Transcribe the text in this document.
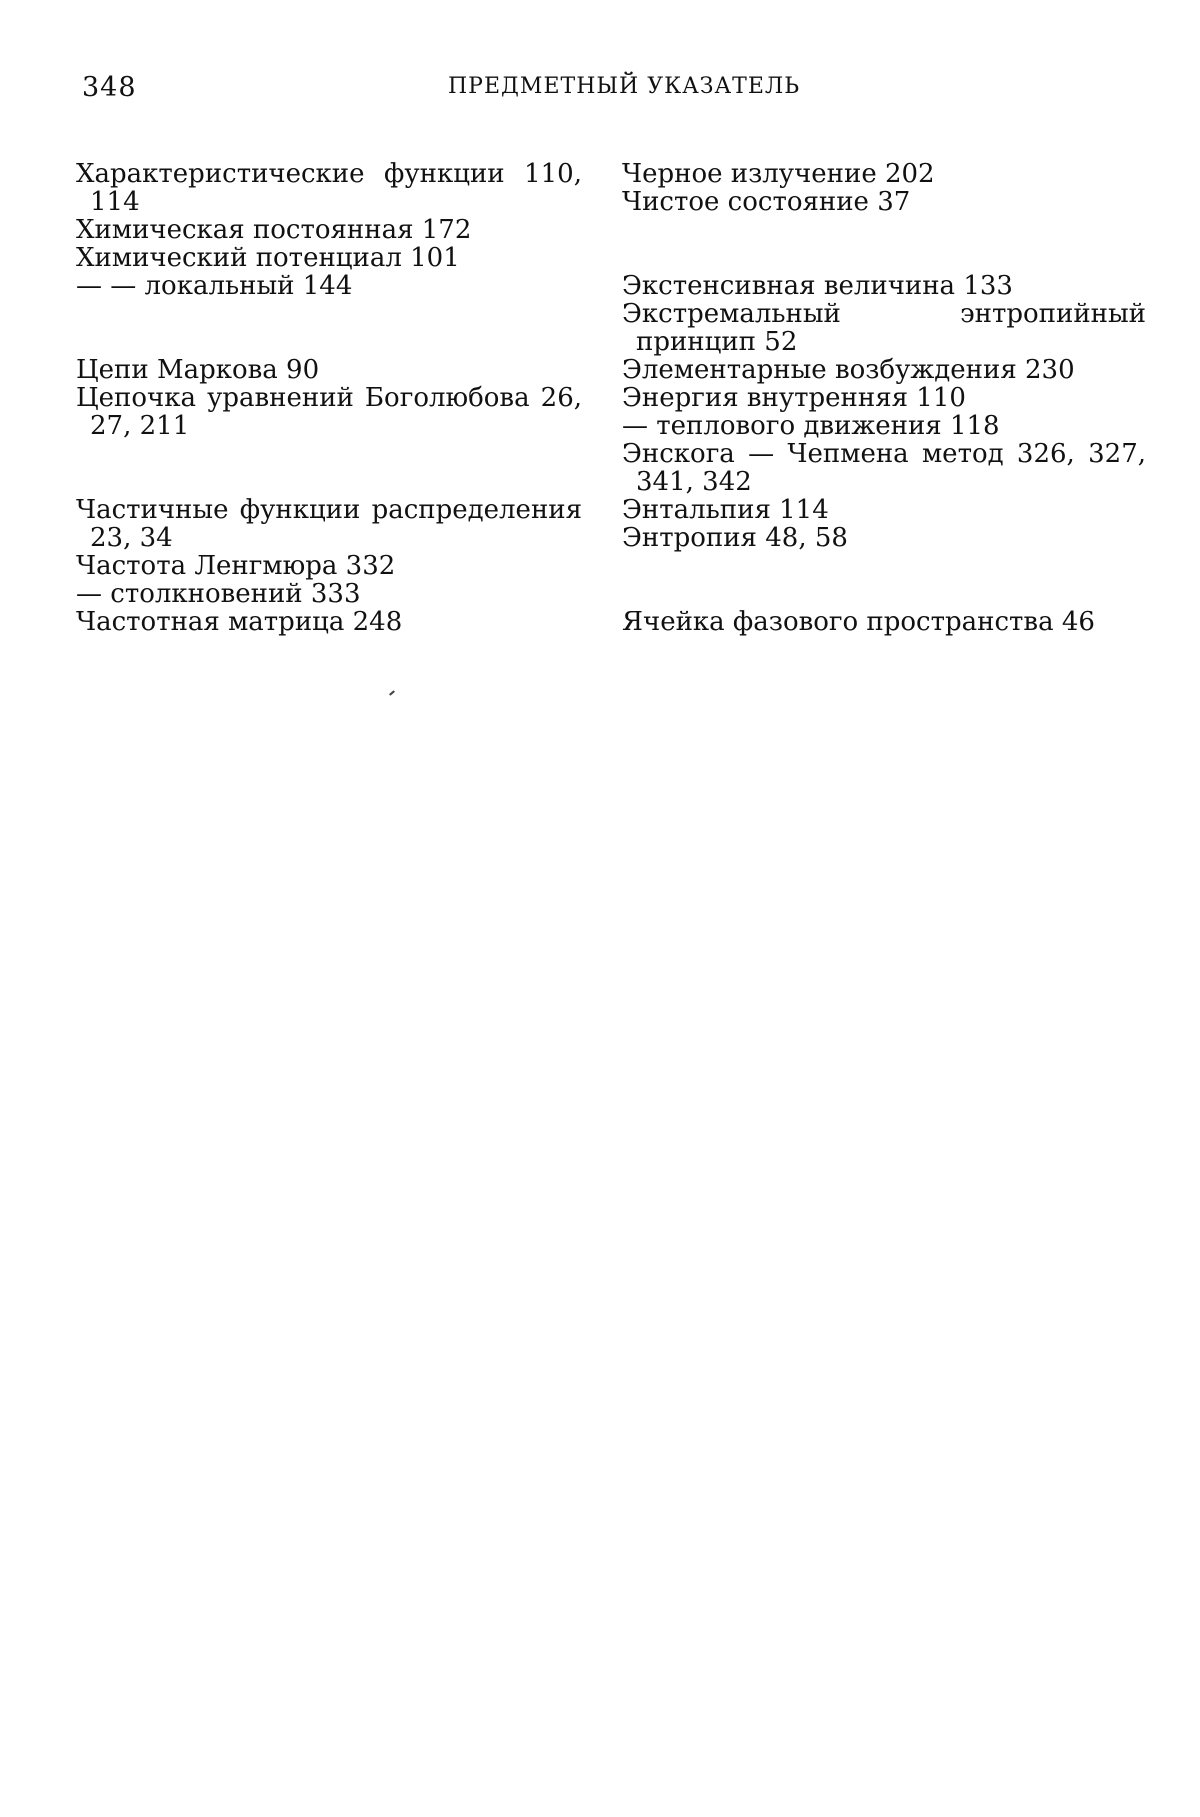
348	ПРЕДМЕТНЫЙ УКАЗАТЕЛЬ
Характеристические функции 110, 114
Химическая постоянная 172
Химический потенциал 101
— — локальный 144
Цепи Маркова 90
Цепочка уравнений Боголюбова 26, 27, 211
Частичные функции распределения 23, 34
Частота Ленгмюра 332
— столкновений 333
Частотная матрица 248
Черное излучение 202
Чистое состояние 37
Экстенсивная величина 133
Экстремальный энтропийный принцип 52
Элементарные возбуждения 230
Энергия внутренняя 110
— теплового движения 118
Энскога — Чепмена метод 326, 327, 341, 342
Энтальпия 114
Энтропия 48, 58
Ячейка фазового пространства 46
